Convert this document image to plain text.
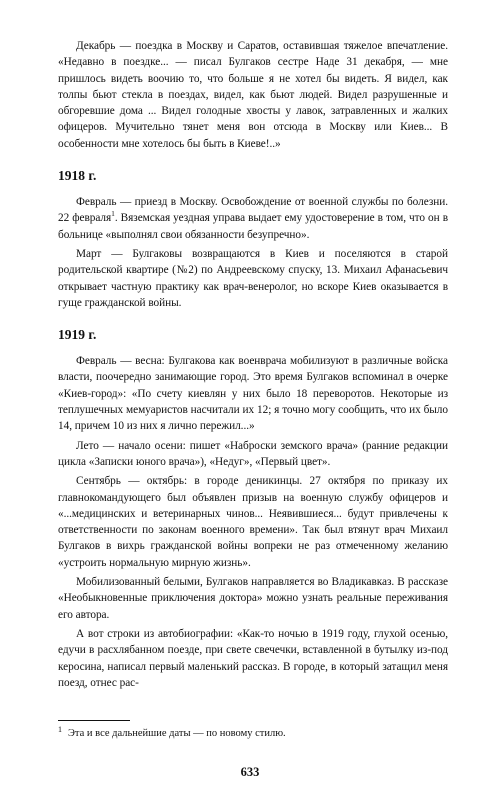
Декабрь — поездка в Москву и Саратов, оставившая тяжелое впечатление. «Недавно в поездке... — писал Булгаков сестре Наде 31 декабря, — мне пришлось видеть воочию то, что больше я не хотел бы видеть. Я видел, как толпы бьют стекла в поездах, видел, как бьют людей. Видел разрушенные и обгоревшие дома ... Видел голодные хвосты у лавок, затравленных и жалких офицеров. Мучительно тянет меня вон отсюда в Москву или Киев... В особенности мне хотелось бы быть в Киеве!..»

1918 г.

Февраль — приезд в Москву. Освобождение от военной службы по болезни. 22 февраля$^1$. Вяземская уездная управа выдает ему удостоверение в том, что он в больнице «выполнял свои обязанности безупречно».

Март — Булгаковы возвращаются в Киев и поселяются в старой родительской квартире (№2) по Андреевскому спуску, 13. Михаил Афанасьевич открывает частную практику как врач-венеролог, но вскоре Киев оказывается в гуще гражданской войны.

1919 г.

Февраль — весна: Булгакова как военврача мобилизуют в различные войска власти, поочередно занимающие город. Это время Булгаков вспоминал в очерке «Киев-город»: «По счету киевлян у них было 18 переворотов. Некоторые из теплушечных мемуаристов насчитали их 12; я точно могу сообщить, что их было 14, причем 10 из них я лично пережил...»

Лето — начало осени: пишет «Наброски земского врача» (ранние редакции цикла «Записки юного врача»), «Недуг», «Первый цвет».

Сентябрь — октябрь: в городе деникинцы. 27 октября по приказу их главнокомандующего был объявлен призыв на военную службу офицеров и «...медицинских и ветеринарных чинов... Неявившиеся... будут привлечены к ответственности по законам военного времени». Так был втянут врач Михаил Булгаков в вихрь гражданской войны вопреки не раз отмеченному желанию «устроить нормальную мирную жизнь».

Мобилизованный белыми, Булгаков направляется во Владикавказ. В рассказе «Необыкновенные приключения доктора» можно узнать реальные переживания его автора.

А вот строки из автобиографии: «Как-то ночью в 1919 году, глухой осенью, едучи в расхлябанном поезде, при свете свечечки, вставленной в бутылку из-под керосина, написал первый маленький рассказ. В городе, в который затащил меня поезд, отнес рас-

$^1$ Эта и все дальнейшие даты — по новому стилю.
633
